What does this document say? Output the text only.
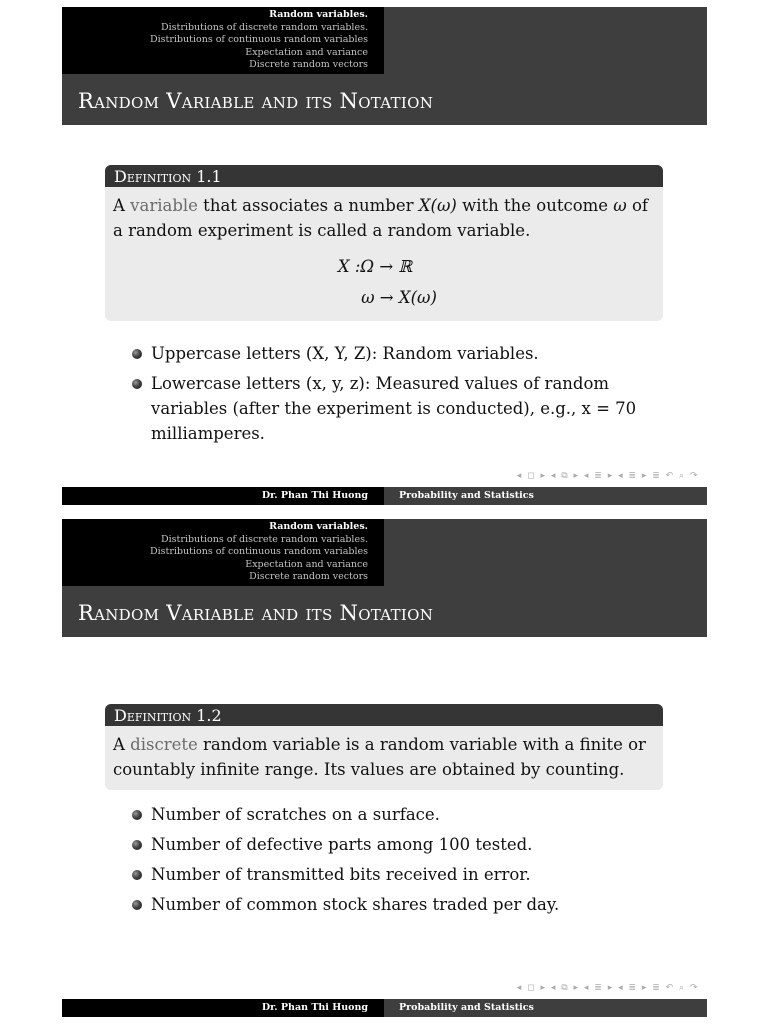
Random variables.
Distributions of discrete random variables.
Distributions of continuous random variables
Expectation and variance
Discrete random vectors
Random Variable and its Notation
Definition 1.1
A variable that associates a number X(ω) with the outcome ω of a random experiment is called a random variable.
X :Ω → ℝ
ω → X(ω)
Uppercase letters (X, Y, Z): Random variables.
Lowercase letters (x, y, z): Measured values of random variables (after the experiment is conducted), e.g., x = 70 milliamperes.
◂ ◻ ▸ ◂ ⧉ ▸ ◂ ≣ ▸ ◂ ≣ ▸ ≣ ↶ ⌕ ↷
Dr. Phan Thi Huong	Probability and Statistics
Random variables.
Distributions of discrete random variables.
Distributions of continuous random variables
Expectation and variance
Discrete random vectors
Random Variable and its Notation
Definition 1.2
A discrete random variable is a random variable with a finite or countably infinite range. Its values are obtained by counting.
Number of scratches on a surface.
Number of defective parts among 100 tested.
Number of transmitted bits received in error.
Number of common stock shares traded per day.
◂ ◻ ▸ ◂ ⧉ ▸ ◂ ≣ ▸ ◂ ≣ ▸ ≣ ↶ ⌕ ↷
Dr. Phan Thi Huong	Probability and Statistics
